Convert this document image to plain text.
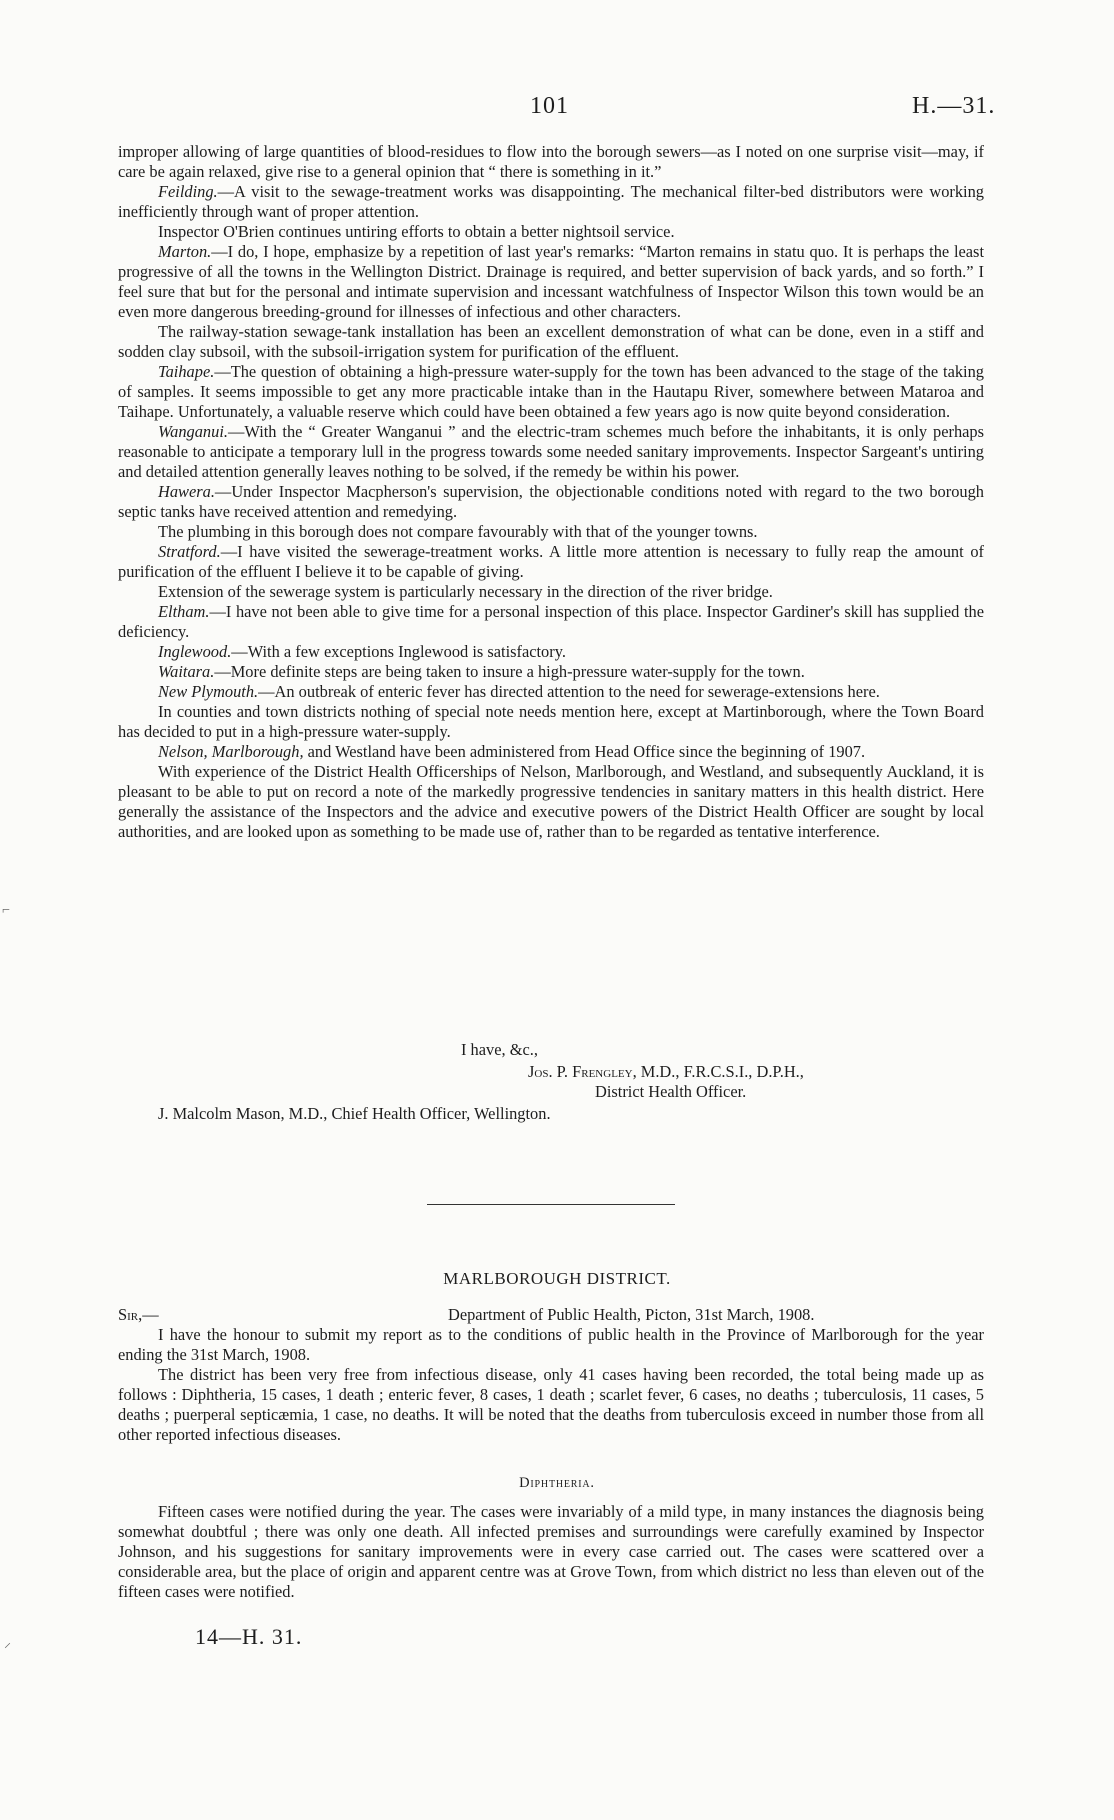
101	H.—31.

improper allowing of large quantities of blood-residues to flow into the borough sewers—as I noted on one surprise visit—may, if care be again relaxed, give rise to a general opinion that “ there is something in it.”

Feilding.—A visit to the sewage-treatment works was disappointing. The mechanical filter-bed distributors were working inefficiently through want of proper attention.

Inspector O'Brien continues untiring efforts to obtain a better nightsoil service.

Marton.—I do, I hope, emphasize by a repetition of last year's remarks: “Marton remains in statu quo. It is perhaps the least progressive of all the towns in the Wellington District. Drainage is required, and better supervision of back yards, and so forth.” I feel sure that but for the personal and intimate supervision and incessant watchfulness of Inspector Wilson this town would be an even more dangerous breeding-ground for illnesses of infectious and other characters.

The railway-station sewage-tank installation has been an excellent demonstration of what can be done, even in a stiff and sodden clay subsoil, with the subsoil-irrigation system for purification of the effluent.

Taihape.—The question of obtaining a high-pressure water-supply for the town has been advanced to the stage of the taking of samples. It seems impossible to get any more practicable intake than in the Hautapu River, somewhere between Mataroa and Taihape. Unfortunately, a valuable reserve which could have been obtained a few years ago is now quite beyond consideration.

Wanganui.—With the “ Greater Wanganui ” and the electric-tram schemes much before the inhabitants, it is only perhaps reasonable to anticipate a temporary lull in the progress towards some needed sanitary improvements. Inspector Sargeant's untiring and detailed attention generally leaves nothing to be solved, if the remedy be within his power.

Hawera.—Under Inspector Macpherson's supervision, the objectionable conditions noted with regard to the two borough septic tanks have received attention and remedying.

The plumbing in this borough does not compare favourably with that of the younger towns.

Stratford.—I have visited the sewerage-treatment works. A little more attention is necessary to fully reap the amount of purification of the effluent I believe it to be capable of giving.

Extension of the sewerage system is particularly necessary in the direction of the river bridge.

Eltham.—I have not been able to give time for a personal inspection of this place. Inspector Gardiner's skill has supplied the deficiency.

Inglewood.—With a few exceptions Inglewood is satisfactory.

Waitara.—More definite steps are being taken to insure a high-pressure water-supply for the town.

New Plymouth.—An outbreak of enteric fever has directed attention to the need for sewerage-extensions here.

In counties and town districts nothing of special note needs mention here, except at Martinborough, where the Town Board has decided to put in a high-pressure water-supply.

Nelson, Marlborough, and Westland have been administered from Head Office since the beginning of 1907.

With experience of the District Health Officerships of Nelson, Marlborough, and Westland, and subsequently Auckland, it is pleasant to be able to put on record a note of the markedly progressive tendencies in sanitary matters in this health district. Here generally the assistance of the Inspectors and the advice and executive powers of the District Health Officer are sought by local authorities, and are looked upon as something to be made use of, rather than to be regarded as tentative interference.

I have, &c.,
Jos. P. Frengley, M.D., F.R.C.S.I., D.P.H.,
District Health Officer.
J. Malcolm Mason, M.D., Chief Health Officer, Wellington.
MARLBOROUGH DISTRICT.
Sir,—	Department of Public Health, Picton, 31st March, 1908.

I have the honour to submit my report as to the conditions of public health in the Province of Marlborough for the year ending the 31st March, 1908.

The district has been very free from infectious disease, only 41 cases having been recorded, the total being made up as follows : Diphtheria, 15 cases, 1 death ; enteric fever, 8 cases, 1 death ; scarlet fever, 6 cases, no deaths ; tuberculosis, 11 cases, 5 deaths ; puerperal septicæmia, 1 case, no deaths. It will be noted that the deaths from tuberculosis exceed in number those from all other reported infectious diseases.

Diphtheria.

Fifteen cases were notified during the year. The cases were invariably of a mild type, in many instances the diagnosis being somewhat doubtful ; there was only one death. All infected premises and surroundings were carefully examined by Inspector Johnson, and his suggestions for sanitary improvements were in every case carried out. The cases were scattered over a considerable area, but the place of origin and apparent centre was at Grove Town, from which district no less than eleven out of the fifteen cases were notified.

14—H. 31.
⌐
⸝
